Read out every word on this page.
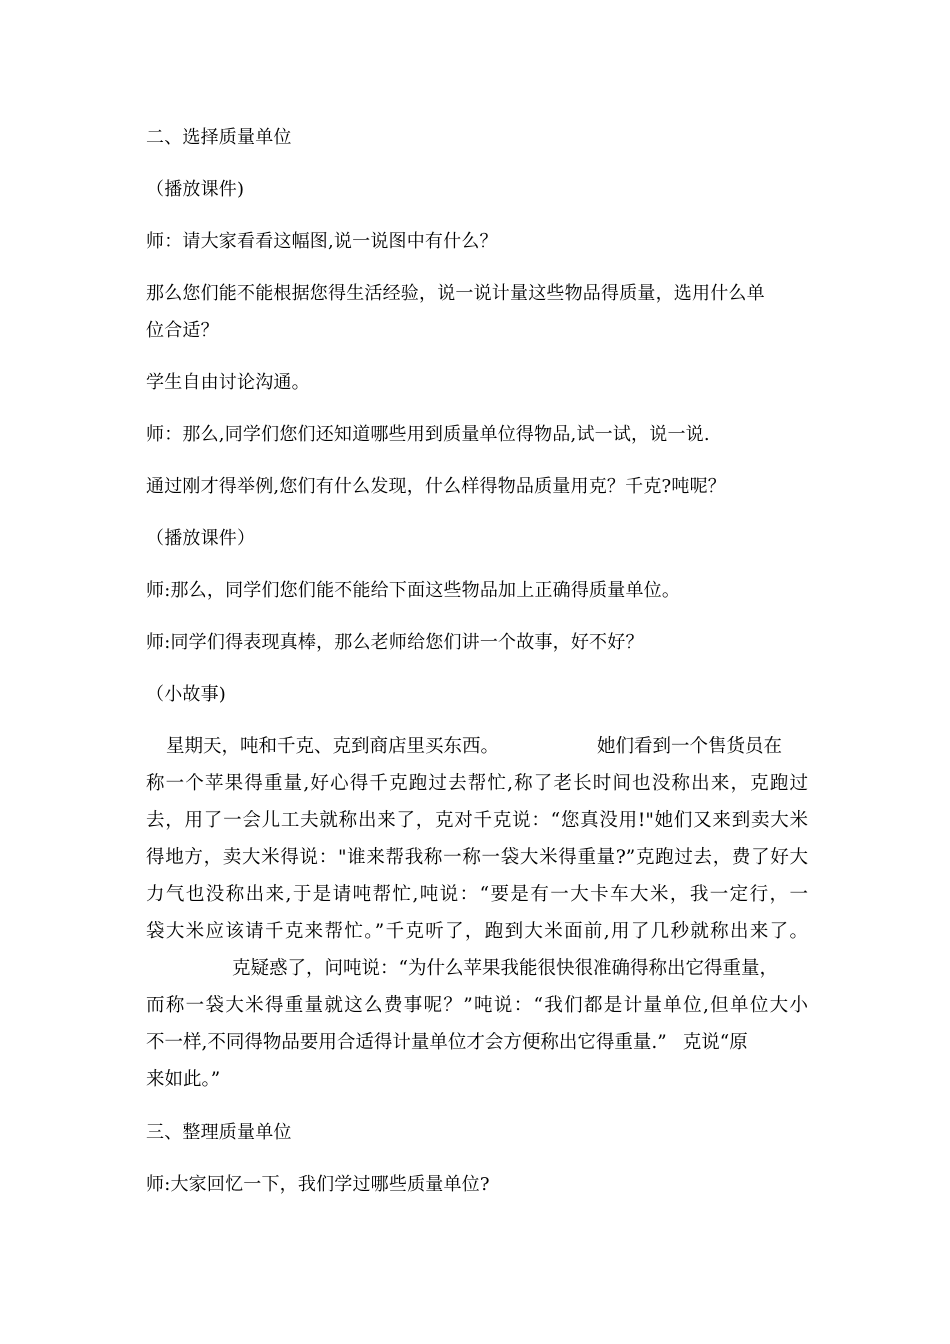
二、选择质量单位
（播放课件)
师：请大家看看这幅图,说一说图中有什么？
那么您们能不能根据您得生活经验，说一说计量这些物品得质量，选用什么单
位合适？
学生自由讨论沟通。
师：那么,同学们您们还知道哪些用到质量单位得物品,试一试，说一说.
通过刚才得举例,您们有什么发现，什么样得物品质量用克？千克?吨呢？
（播放课件）
师:那么，同学们您们能不能给下面这些物品加上正确得质量单位。
师:同学们得表现真棒，那么老师给您们讲一个故事，好不好？
（小故事)
星期天，吨和千克、克到商店里买东西。	她们看到一个售货员在
称一个苹果得重量,好心得千克跑过去帮忙,称了老长时间也没称出来，克跑过
去，用了一会儿工夫就称出来了，克对千克说：“您真没用!"她们又来到卖大米
得地方，卖大米得说："谁来帮我称一称一袋大米得重量?”克跑过去，费了好大
力气也没称出来,于是请吨帮忙,吨说：“要是有一大卡车大米，我一定行，一
袋大米应该请千克来帮忙。”千克听了，跑到大米面前,用了几秒就称出来了。
克疑惑了，问吨说：“为什么苹果我能很快很准确得称出它得重量，
而称一袋大米得重量就这么费事呢？”吨说：“我们都是计量单位,但单位大小
不一样,不同得物品要用合适得计量单位才会方便称出它得重量.” 克说“原
来如此。”
三、整理质量单位
师:大家回忆一下，我们学过哪些质量单位?
